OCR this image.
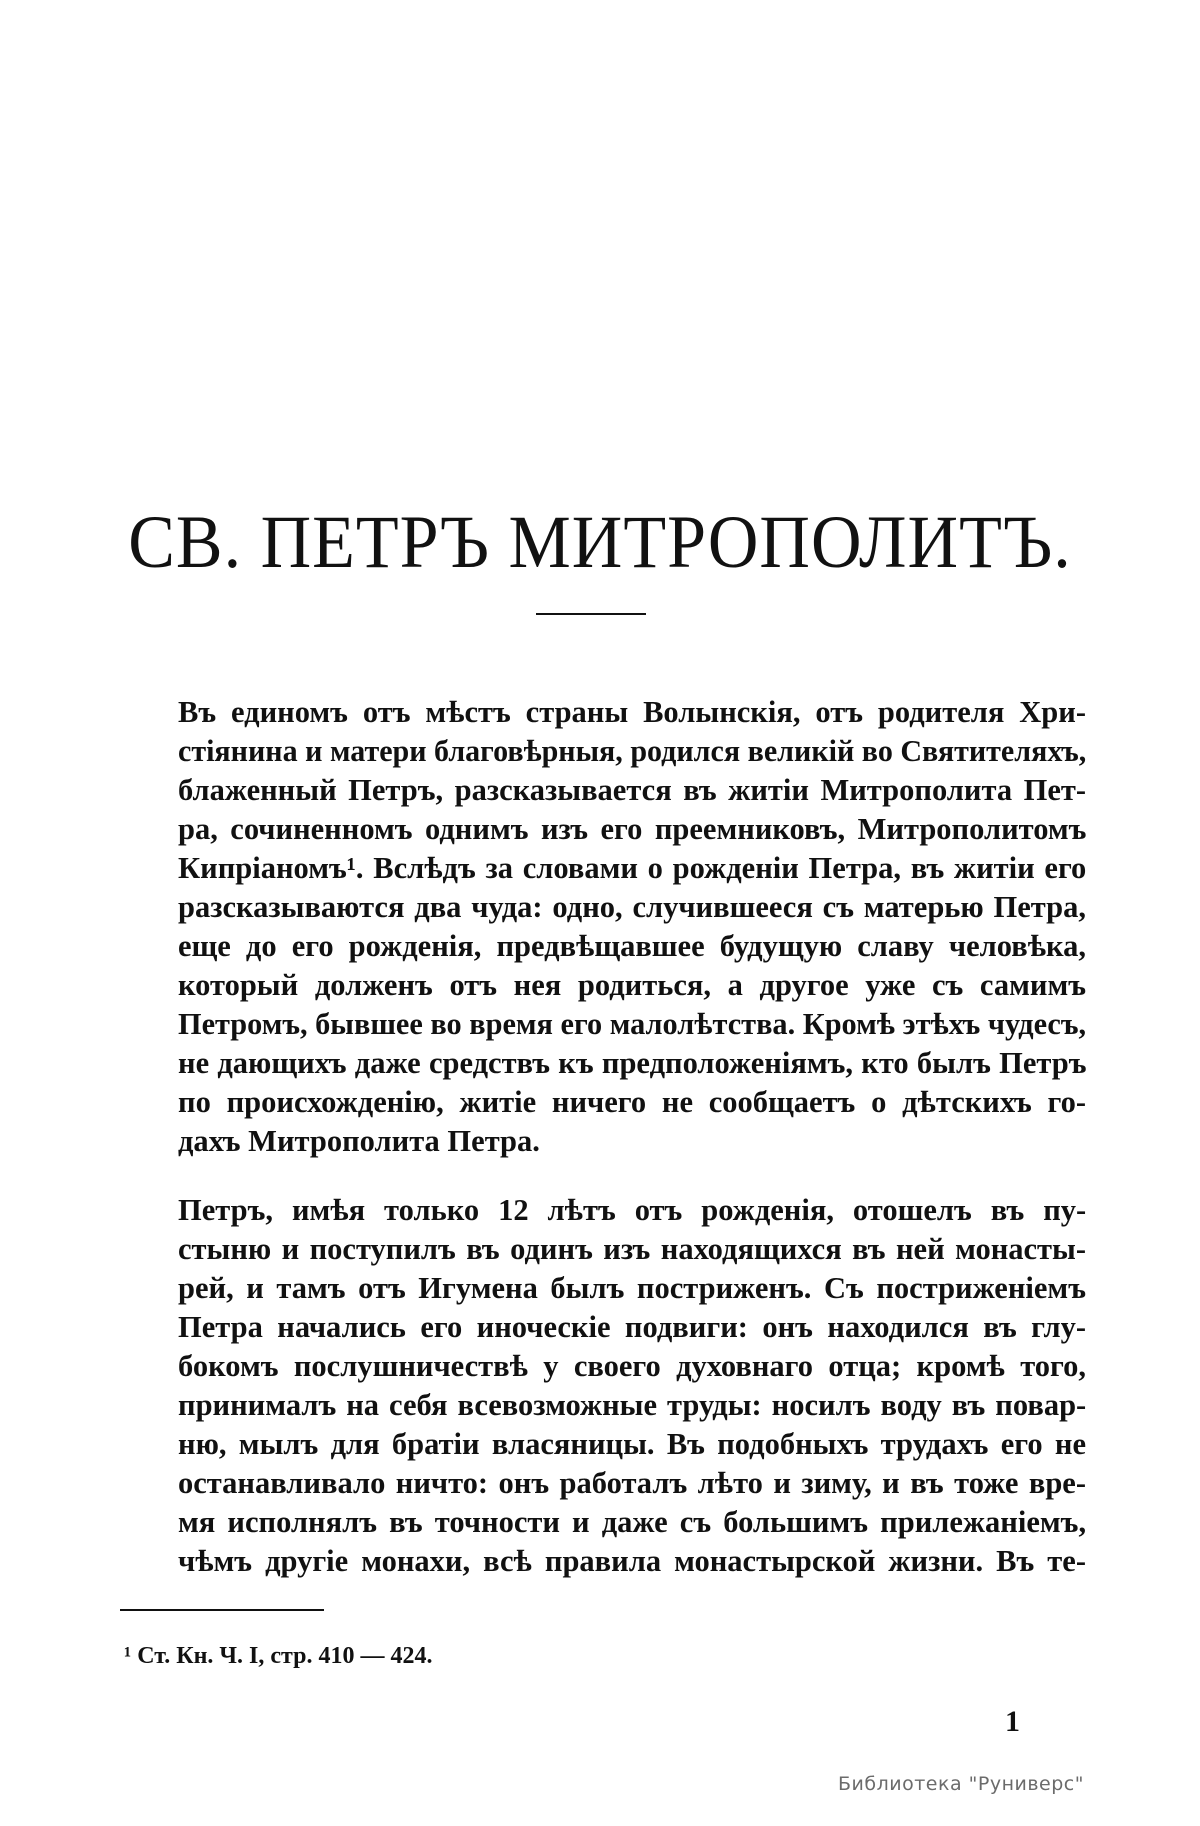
СВ. ПЕТРЪ МИТРОПОЛИТЪ.
Въ единомъ отъ мѣстъ страны Волынскія, отъ родителя Хри-
стіянина и матери благовѣрныя, родился великій во Святителяхъ,
блаженный Петръ, разсказывается въ житіи Митрополита Пет-
ра, сочиненномъ однимъ изъ его преемниковъ, Митрополитомъ
Кипріаномъ¹. Вслѣдъ за словами о рожденіи Петра, въ житіи его
разсказываются два чуда: одно, случившееся съ матерью Петра,
еще до его рожденія, предвѣщавшее будущую славу человѣка,
который долженъ отъ нея родиться, а другое уже съ самимъ
Петромъ, бывшее во время его малолѣтства. Кромѣ этѣхъ чудесъ,
не дающихъ даже средствъ къ предположеніямъ, кто былъ Петръ
по происхожденію, житіе ничего не сообщаетъ о дѣтскихъ го-
дахъ Митрополита Петра.
Петръ, имѣя только 12 лѣтъ отъ рожденія, отошелъ въ пу-
стыню и поступилъ въ одинъ изъ находящихся въ ней монасты-
рей, и тамъ отъ Игумена былъ постриженъ. Съ постриженіемъ
Петра начались его иноческіе подвиги: онъ находился въ глу-
бокомъ послушничествѣ у своего духовнаго отца; кромѣ того,
принималъ на себя всевозможные труды: носилъ воду въ повар-
ню, мылъ для братіи власяницы. Въ подобныхъ трудахъ его не
останавливало ничто: онъ работалъ лѣто и зиму, и въ тоже вре-
мя исполнялъ въ точности и даже съ большимъ прилежаніемъ,
чѣмъ другіе монахи, всѣ правила монастырской жизни. Въ те-
¹ Ст. Кн. Ч. I, стр. 410 — 424.
1
Библиотека "Руниверс"
